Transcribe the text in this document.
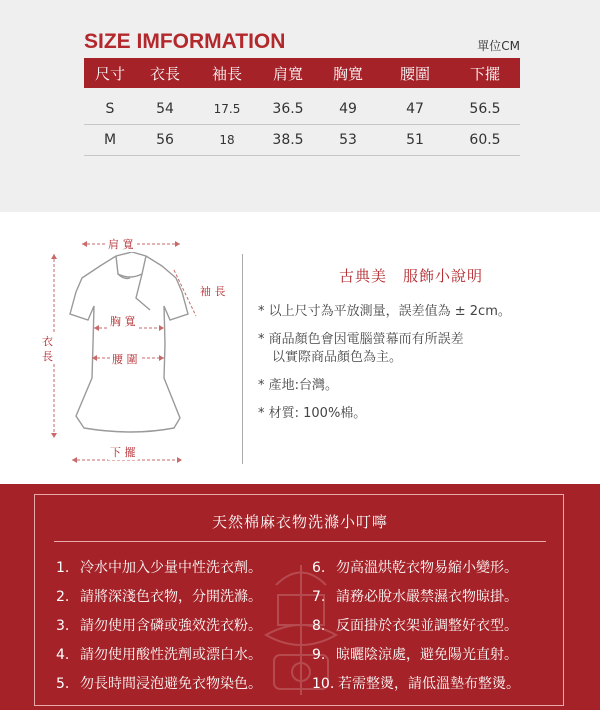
SIZE IMFORMATION	單位CM
尺寸	衣長	袖長	肩寬	胸寬	腰圍	下擺
S	54	17.5	36.5	49	47	56.5
M	56	18	38.5	53	51	60.5
肩 寬
袖 長
胸 寬
衣
長	腰 圍
下 擺
古典美　服飾小說明
* 以上尺寸為平放測量，誤差值為 ± 2cm。
* 商品顏色會因電腦螢幕而有所誤差
以實際商品顏色為主。
* 產地:台灣。
* 材質: 100%棉。
天然棉麻衣物洗滌小叮嚀
1. 冷水中加入少量中性洗衣劑。
2. 請將深淺色衣物，分開洗滌。
3. 請勿使用含磷或強效洗衣粉。
4. 請勿使用酸性洗劑或漂白水。
5. 勿長時間浸泡避免衣物染色。
6. 勿高溫烘乾衣物易縮小變形。
7. 請務必脫水嚴禁濕衣物晾掛。
8. 反面掛於衣架並調整好衣型。
9. 晾曬陰涼處，避免陽光直射。
10. 若需整燙，請低溫墊布整燙。
